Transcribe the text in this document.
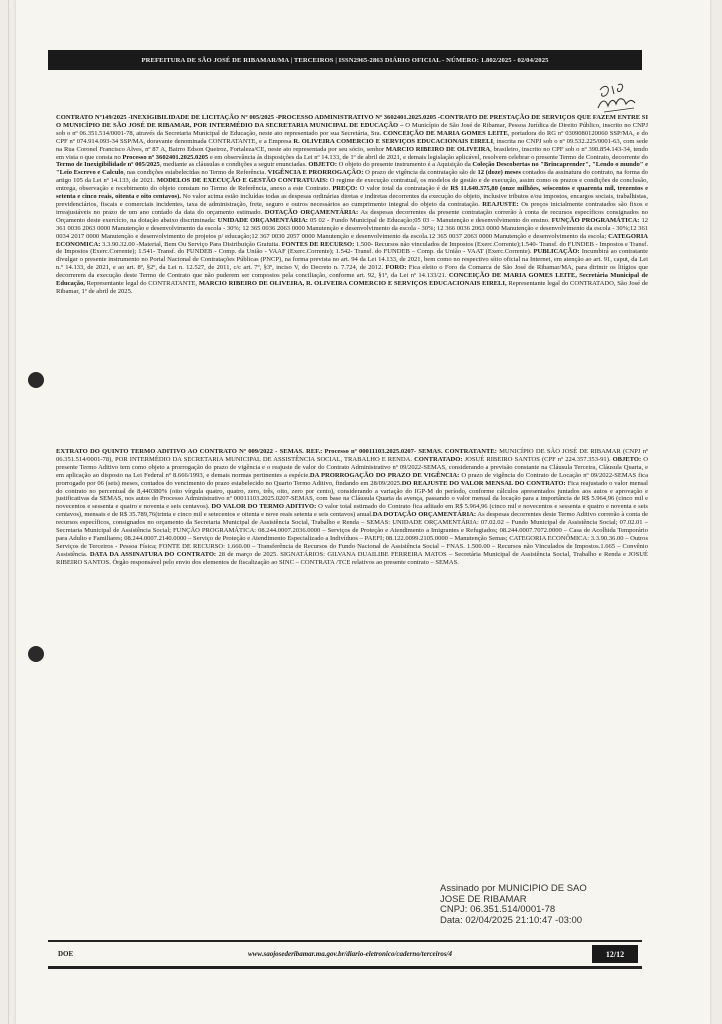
PREFEITURA DE SÃO JOSÉ DE RIBAMAR/MA | TERCEIROS | ISSN2965-2863 DIÁRIO OFICIAL - NÚMERO: 1.802/2025 - 02/04/2025

CONTRATO Nº149/2025 -INEXIGIBILIDADE DE LICITAÇÃO Nº 005/2025 -PROCESSO ADMINISTRATIVO Nº 3602401.2025.0205 -CONTRATO DE PRESTAÇÃO DE SERVIÇOS QUE FAZEM ENTRE SI O MUNICÍPIO DE SÃO JOSÉ DE RIBAMAR, POR INTERMÉDIO DA SECRETARIA MUNICIPAL DE EDUCAÇÃO – O Município de São José de Ribamar, Pessoa Jurídica de Direito Público, inscrito no CNPJ sob o nº 06.351.514/0001-78, através da Secretaria Municipal de Educação, neste ato representado por sua Secretária, Sra. CONCEIÇÃO DE MARIA GOMES LEITE, portadora do RG nº 0309080120060 SSP/MA, e do CPF nº 074.914.093-34 SSP/MA, doravante denominada CONTRATANTE, e a Empresa R. OLIVEIRA COMERCIO E SERVIÇOS EDUCACIONAIS EIRELI, inscrita no CNPJ sob o nº 09.532.225/0001-63, com sede na Rua Coronel Francisco Alves, nº 87 A, Bairro Edson Queiroz, Fortaleza/CE, neste ato representada por seu sócio, senhor MARCIO RIBEIRO DE OLIVEIRA, brasileiro, inscrito no CPF sob o nº 390.854.143-34, tendo em vista o que consta no Processo nº 3602401.2025.0205 e em observância às disposições da Lei nº 14.133, de 1º de abril de 2021, e demais legislação aplicável, resolvem celebrar o presente Termo de Contrato, decorrente do Termo de Inexigibilidade nº 005/2025, mediante as cláusulas e condições a seguir enunciadas. OBJETO: O objeto do presente instrumento é a Aquisição da Coleção Descobertas no "Brincaprender", "Lendo o mundo" e "Leio Escrevo e Calculo, nas condições estabelecidas no Termo de Referência. VIGÊNCIA E PRORROGAÇÃO: O prazo de vigência da contratação são de 12 (doze) meses contados da assinatura do contrato, na forma do artigo 105 da Lei nº 14.133, de 2021. MODELOS DE EXECUÇÃO E GESTÃO CONTRATUAIS: O regime de execução contratual, os modelos de gestão e de execução, assim como os prazos e condições de conclusão, entrega, observação e recebimento do objeto constam no Termo de Referência, anexo a este Contrato. PREÇO: O valor total da contratação é de R$ 11.640.375,80 (onze milhões, seiscentos e quarenta mil, trezentos e setenta e cinco reais, oitenta e oito centavos). No valor acima estão incluídas todas as despesas ordinárias diretas e indiretas decorrentes da execução do objeto, inclusive tributos e/ou impostos, encargos sociais, trabalhistas, previdenciários, fiscais e comerciais incidentes, taxa de administração, frete, seguro e outros necessários ao cumprimento integral do objeto da contratação. REAJUSTE: Os preços inicialmente contratados são fixos e irreajustáveis no prazo de um ano contado da data do orçamento estimado. DOTAÇÃO ORÇAMENTÁRIA: As despesas decorrentes da presente contratação correrão à conta de recursos específicos consignados no Orçamento deste exercício, na dotação abaixo discriminada: UNIDADE ORÇAMENTÁRIA: 05 02 - Fundo Municipal de Educação;05 03 – Manutenção e desenvolvimento do ensino. FUNÇÃO PROGRAMÁTICA: 12 361 0036 2063 0000 Manutenção e desenvolvimento da escola - 30%; 12 365 0036 2063 0000 Manutenção e desenvolvimento da escola - 30%; 12 366 0036 2063 0000 Manutenção e desenvolvimento da escola - 30%;12 361 0034 2017 0000 Manutenção e desenvolvimento de projetos p/ educação;12 367 0030 2057 0000 Manutenção e desenvolvimento da escola.12 365 0037 2063 0000 Manutenção e desenvolvimento da escola; CATEGORIA ECONOMICA: 3.3.90.32.00 -Material, Bem Ou Serviço Para Distribuição Gratuita. FONTES DE RECURSO: 1.500- Recursos não vinculados de Impostos (Exerc.Corrente);1.540- Transf. do FUNDEB - Impostos e Transf. de Impostos (Exerc.Corrente); 1.541- Transf. do FUNDEB - Comp. da União - VAAF (Exerc.Corrente); 1.542- Transf. do FUNDEB – Comp. da União - VAAT (Exerc.Corrente). PUBLICAÇÃO: Incumbirá ao contratante divulgar o presente instrumento no Portal Nacional de Contratações Públicas (PNCP), na forma prevista no art. 94 da Lei 14.133, de 2021, bem como no respectivo sítio oficial na Internet, em atenção ao art. 91, caput, da Lei n.º 14.133, de 2021, e ao art. 8º, §2º, da Lei n. 12.527, de 2011, c/c art. 7º, §3º, inciso V, do Decreto n. 7.724, de 2012. FORO: Fica eleito o Foro da Comarca de São José de Ribamar/MA, para dirimir os litígios que decorrerem da execução deste Termo de Contrato que não puderem ser compostos pela conciliação, conforme art. 92, §1º, da Lei nº 14.133/21. CONCEIÇÃO DE MARIA GOMES LEITE, Secretária Municipal de Educação, Representante legal do CONTRATANTE, MARCIO RIBEIRO DE OLIVEIRA, R. OLIVEIRA COMERCIO E SERVIÇOS EDUCACIONAIS EIRELI, Representante legal do CONTRATADO, São José de Ribamar, 1º de abril de 2025.

EXTRATO DO QUINTO TERMO ADITIVO AO CONTRATO Nº 009/2022 - SEMAS. REF.: Processo nº 00011103.2025.0207- SEMAS. CONTRATANTE: MUNICÍPIO DE SÃO JOSÉ DE RIBAMAR (CNPJ nº 06.351.514/0001-78), POR INTERMÉDIO DA SECRETARIA MUNICIPAL DE ASSISTÊNCIA SOCIAL, TRABALHO E RENDA. CONTRATADO: JOSUÉ RIBEIRO SANTOS (CPF nº 224.357.353-91). OBJETO: O presente Termo Aditivo tem como objeto a prorrogação do prazo de vigência e o reajuste de valor do Contrato Administrativo nº 09/2022-SEMAS, considerando a previsão constante na Cláusula Terceira, Cláusula Quarta, e em aplicação ao disposto na Lei Federal nº 8.666/1993, e demais normas pertinentes a espécie.DA PRORROGAÇÃO DO PRAZO DE VIGÊNCIA: O prazo de vigência do Contrato de Locação nº 09/2022-SEMAS fica prorrogado por 06 (seis) meses, contados do vencimento do prazo estabelecido no Quarto Termo Aditivo, findando em 28/09/2025.DO REAJUSTE DO VALOR MENSAL DO CONTRATO: Fica reajustado o valor mensal do contrato no percentual de 8,440380% (oito vírgula quatro, quatro, zero, três, oito, zero por cento), considerando a variação do IGP-M do período, conforme cálculos apresentados juntados aos autos e aprovação e justificativas da SEMAS, nos autos do Processo Administrativo nº 00011103.2025.0207-SEMAS, com base na Cláusula Quarta da avença, passando o valor mensal da locação para a importância de R$ 5.964,96 (cinco mil e novecentos e sessenta e quatro e noventa e seis centavos). DO VALOR DO TERMO ADITIVO: O valor total estimado do Contrato fica aditado em R$ 5.964,96 (cinco mil e novecentos e sessenta e quatro e noventa e seis centavos), mensais e de R$ 35.789,76(trinta e cinco mil e setecentos e oitenta e nove reais setenta e seis centavos) anual.DA DOTAÇÃO ORÇAMENTÁRIA: As despesas decorrentes deste Termo Aditivo correrão à conta de recursos específicos, consignados no orçamento da Secretaria Municipal de Assistência Social, Trabalho e Renda – SEMAS: UNIDADE ORÇAMENTÁRIA: 07.02.02 – Fundo Municipal de Assistência Social; 07.02.01 – Secretaria Municipal de Assistência Social; FUNÇÃO PROGRAMÁTICA: 08.244.0007.2036.0000 – Serviços de Proteção e Atendimento a Imigrantes e Refugiados; 08.244.0007.7072.0000 – Casa de Acolhida Temporário para Adulto e Familiares; 08.244.0007.2140.0000 – Serviço de Proteção e Atendimento Especializado a Indivíduos – PAEFI; 08.122.0099.2105.0000 – Manutenção Semas; CATEGORIA ECONÔMICA: 3.3.90.36.00 – Outros Serviços de Terceiros - Pessoa Física; FONTE DE RECURSO: 1.660.00 – Transferência de Recursos do Fundo Nacional de Assistência Social – FNAS. 1.500.00 – Recursos não Vinculados de Impostos.1.665 – Convênio Assistência. DATA DA ASSINATURA DO CONTRATO: 28 de março de 2025. SIGNATÁRIOS: GILVANA DUAILIBE FERREIRA MATOS – Secretária Municipal de Assistência Social, Trabalho e Renda e JOSUÉ RIBEIRO SANTOS. Órgão responsável pelo envio dos elementos de fiscalização ao SINC – CONTRATA /TCE relativos ao presente contrato – SEMAS.

Assinado por MUNICIPIO DE SAO
JOSE DE RIBAMAR
CNPJ: 06.351.514/0001-78
Data: 02/04/2025 21:10:47 -03:00
DOE	www.saojosederibamar.ma.gov.br/diario-eletronico/caderno/terceiros/4	12/12
